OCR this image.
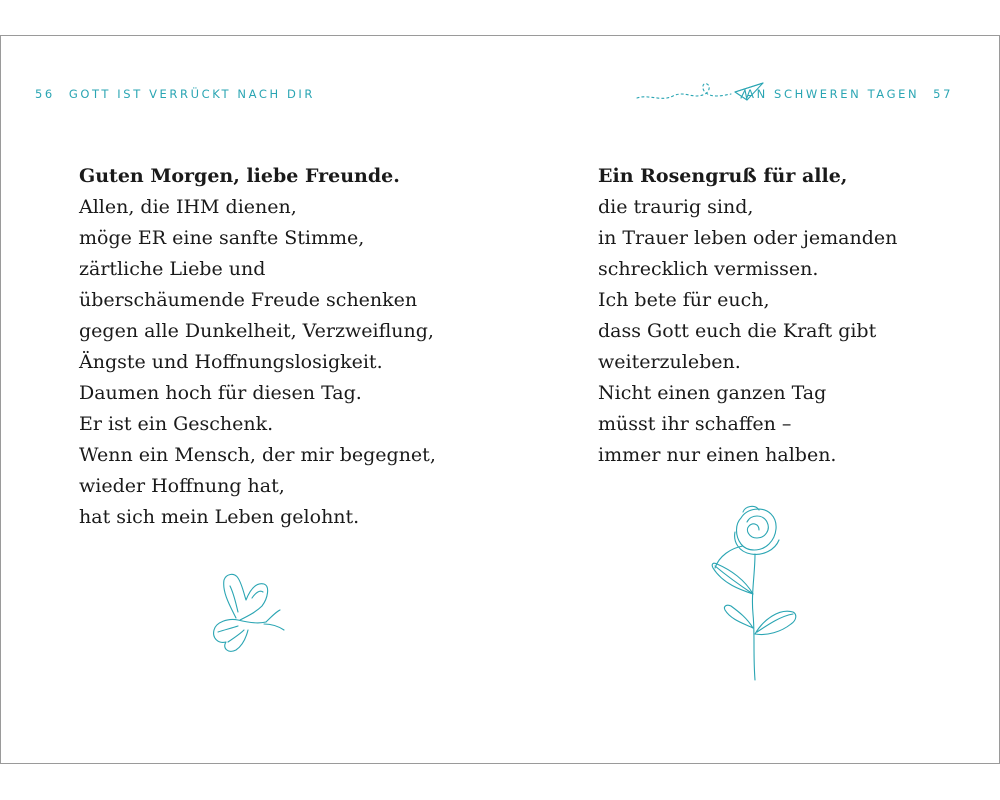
56 GOTT IST VERRÜCKT NACH DIR
Guten Morgen, liebe Freunde.
Allen, die IHM dienen,
möge ER eine sanfte Stimme,
zärtliche Liebe und
überschäumende Freude schenken
gegen alle Dunkelheit, Verzweiflung,
Ängste und Hoffnungslosigkeit.
Daumen hoch für diesen Tag.
Er ist ein Geschenk.
Wenn ein Mensch, der mir begegnet,
wieder Hoffnung hat,
hat sich mein Leben gelohnt.
AN SCHWEREN TAGEN 57
Ein Rosengruß für alle,
die traurig sind,
in Trauer leben oder jemanden
schrecklich vermissen.
Ich bete für euch,
dass Gott euch die Kraft gibt
weiterzuleben.
Nicht einen ganzen Tag
müsst ihr schaffen –
immer nur einen halben.
